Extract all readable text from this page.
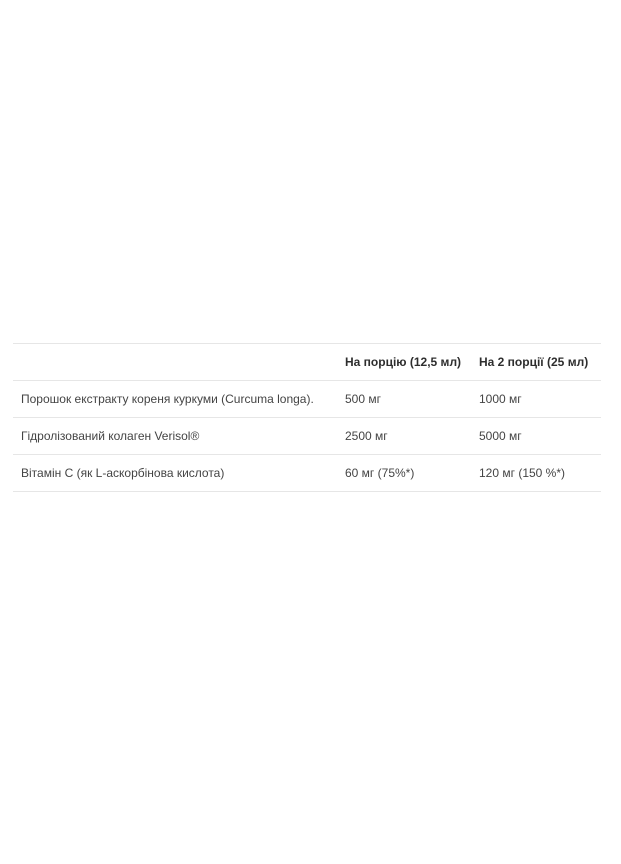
	На порцію (12,5 мл)	На 2 порції (25 мл)
Порошок екстракту кореня куркуми (Curcuma longa).	500 мг	1000 мг
Гідролізований колаген Verisol®	2500 мг	5000 мг
Вітамін С (як L-аскорбінова кислота)	60 мг (75%*)	120 мг (150 %*)
